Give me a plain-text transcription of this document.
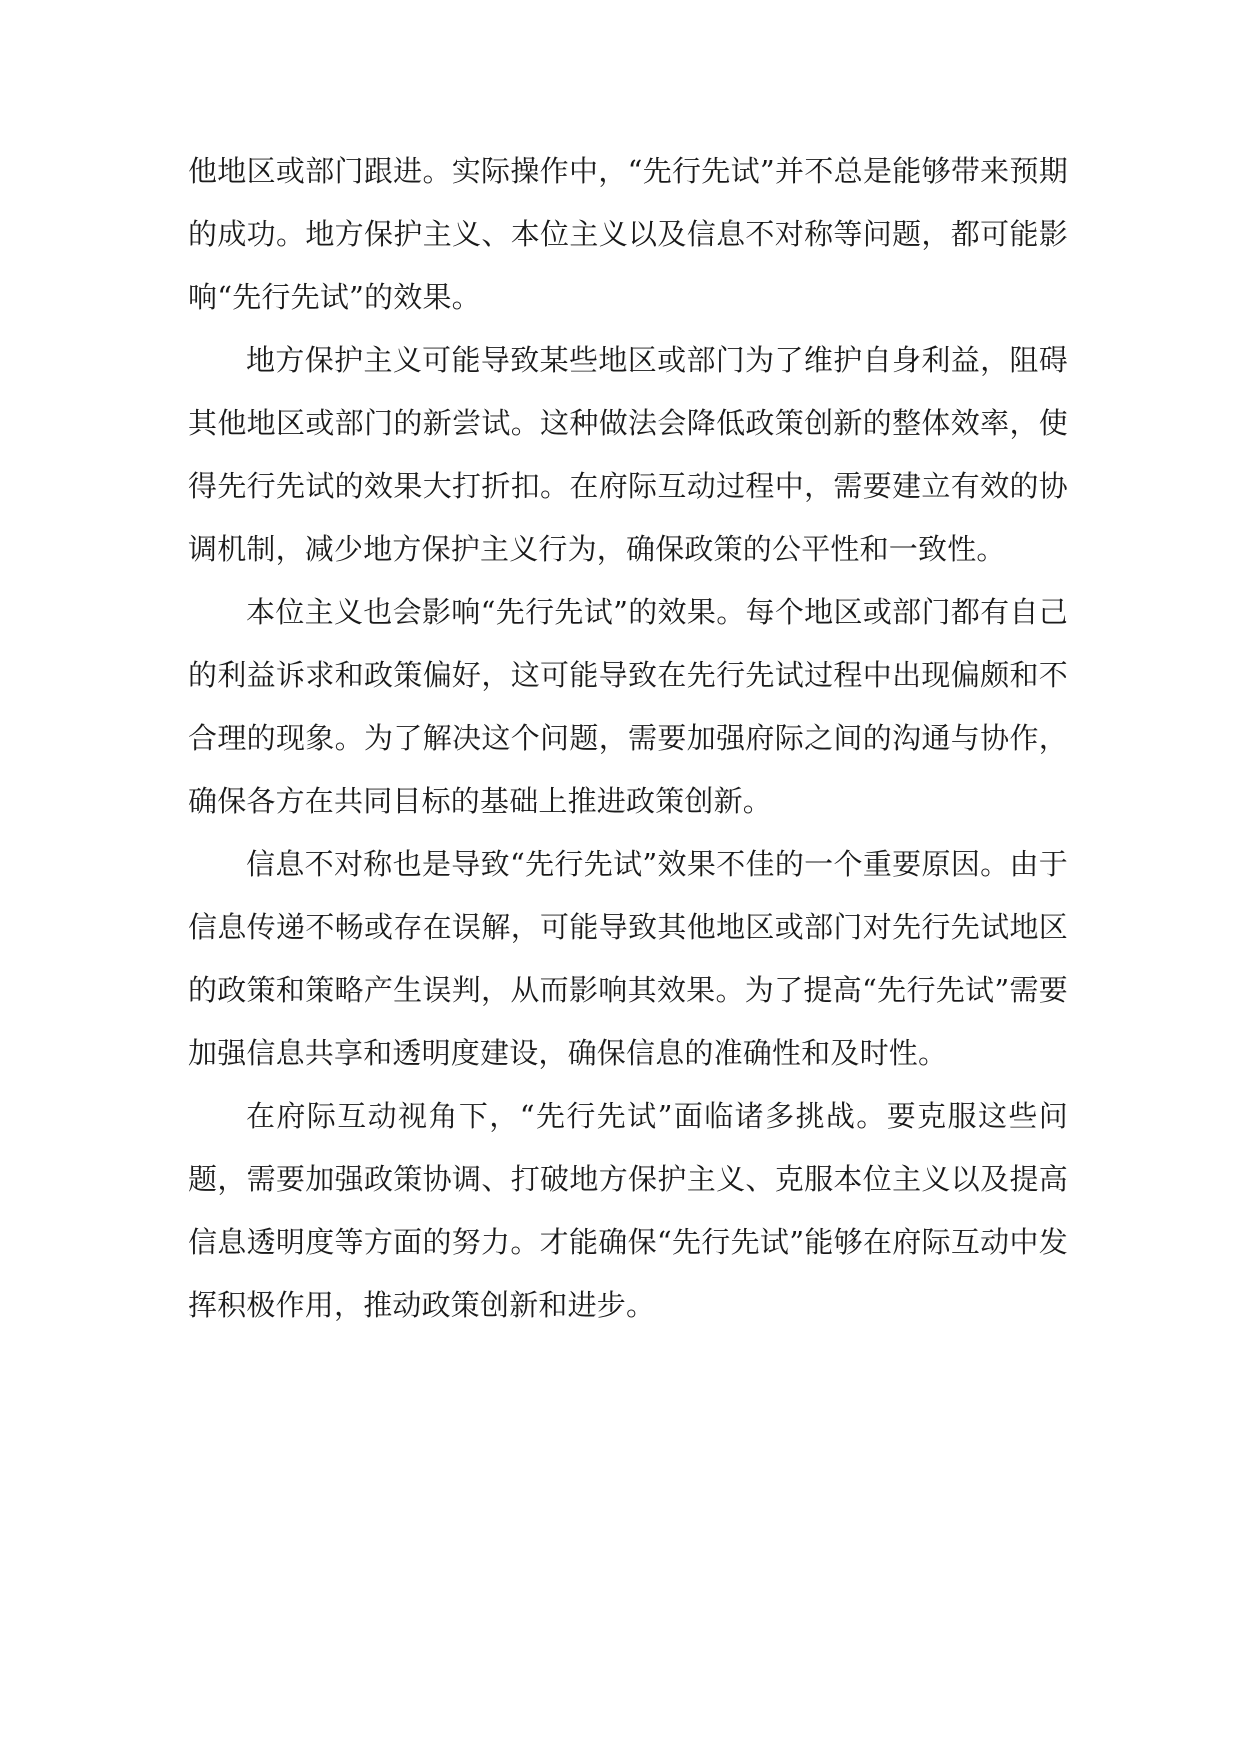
他地区或部门跟进。实际操作中，“先行先试”并不总是能够带来预期的成功。地方保护主义、本位主义以及信息不对称等问题，都可能影响“先行先试”的效果。

地方保护主义可能导致某些地区或部门为了维护自身利益，阻碍其他地区或部门的新尝试。这种做法会降低政策创新的整体效率，使得先行先试的效果大打折扣。在府际互动过程中，需要建立有效的协调机制，减少地方保护主义行为，确保政策的公平性和一致性。

本位主义也会影响“先行先试”的效果。每个地区或部门都有自己的利益诉求和政策偏好，这可能导致在先行先试过程中出现偏颇和不合理的现象。为了解决这个问题，需要加强府际之间的沟通与协作，确保各方在共同目标的基础上推进政策创新。

信息不对称也是导致“先行先试”效果不佳的一个重要原因。由于信息传递不畅或存在误解，可能导致其他地区或部门对先行先试地区的政策和策略产生误判，从而影响其效果。为了提高“先行先试”需要加强信息共享和透明度建设，确保信息的准确性和及时性。

在府际互动视角下，“先行先试”面临诸多挑战。要克服这些问题，需要加强政策协调、打破地方保护主义、克服本位主义以及提高信息透明度等方面的努力。才能确保“先行先试”能够在府际互动中发挥积极作用，推动政策创新和进步。
